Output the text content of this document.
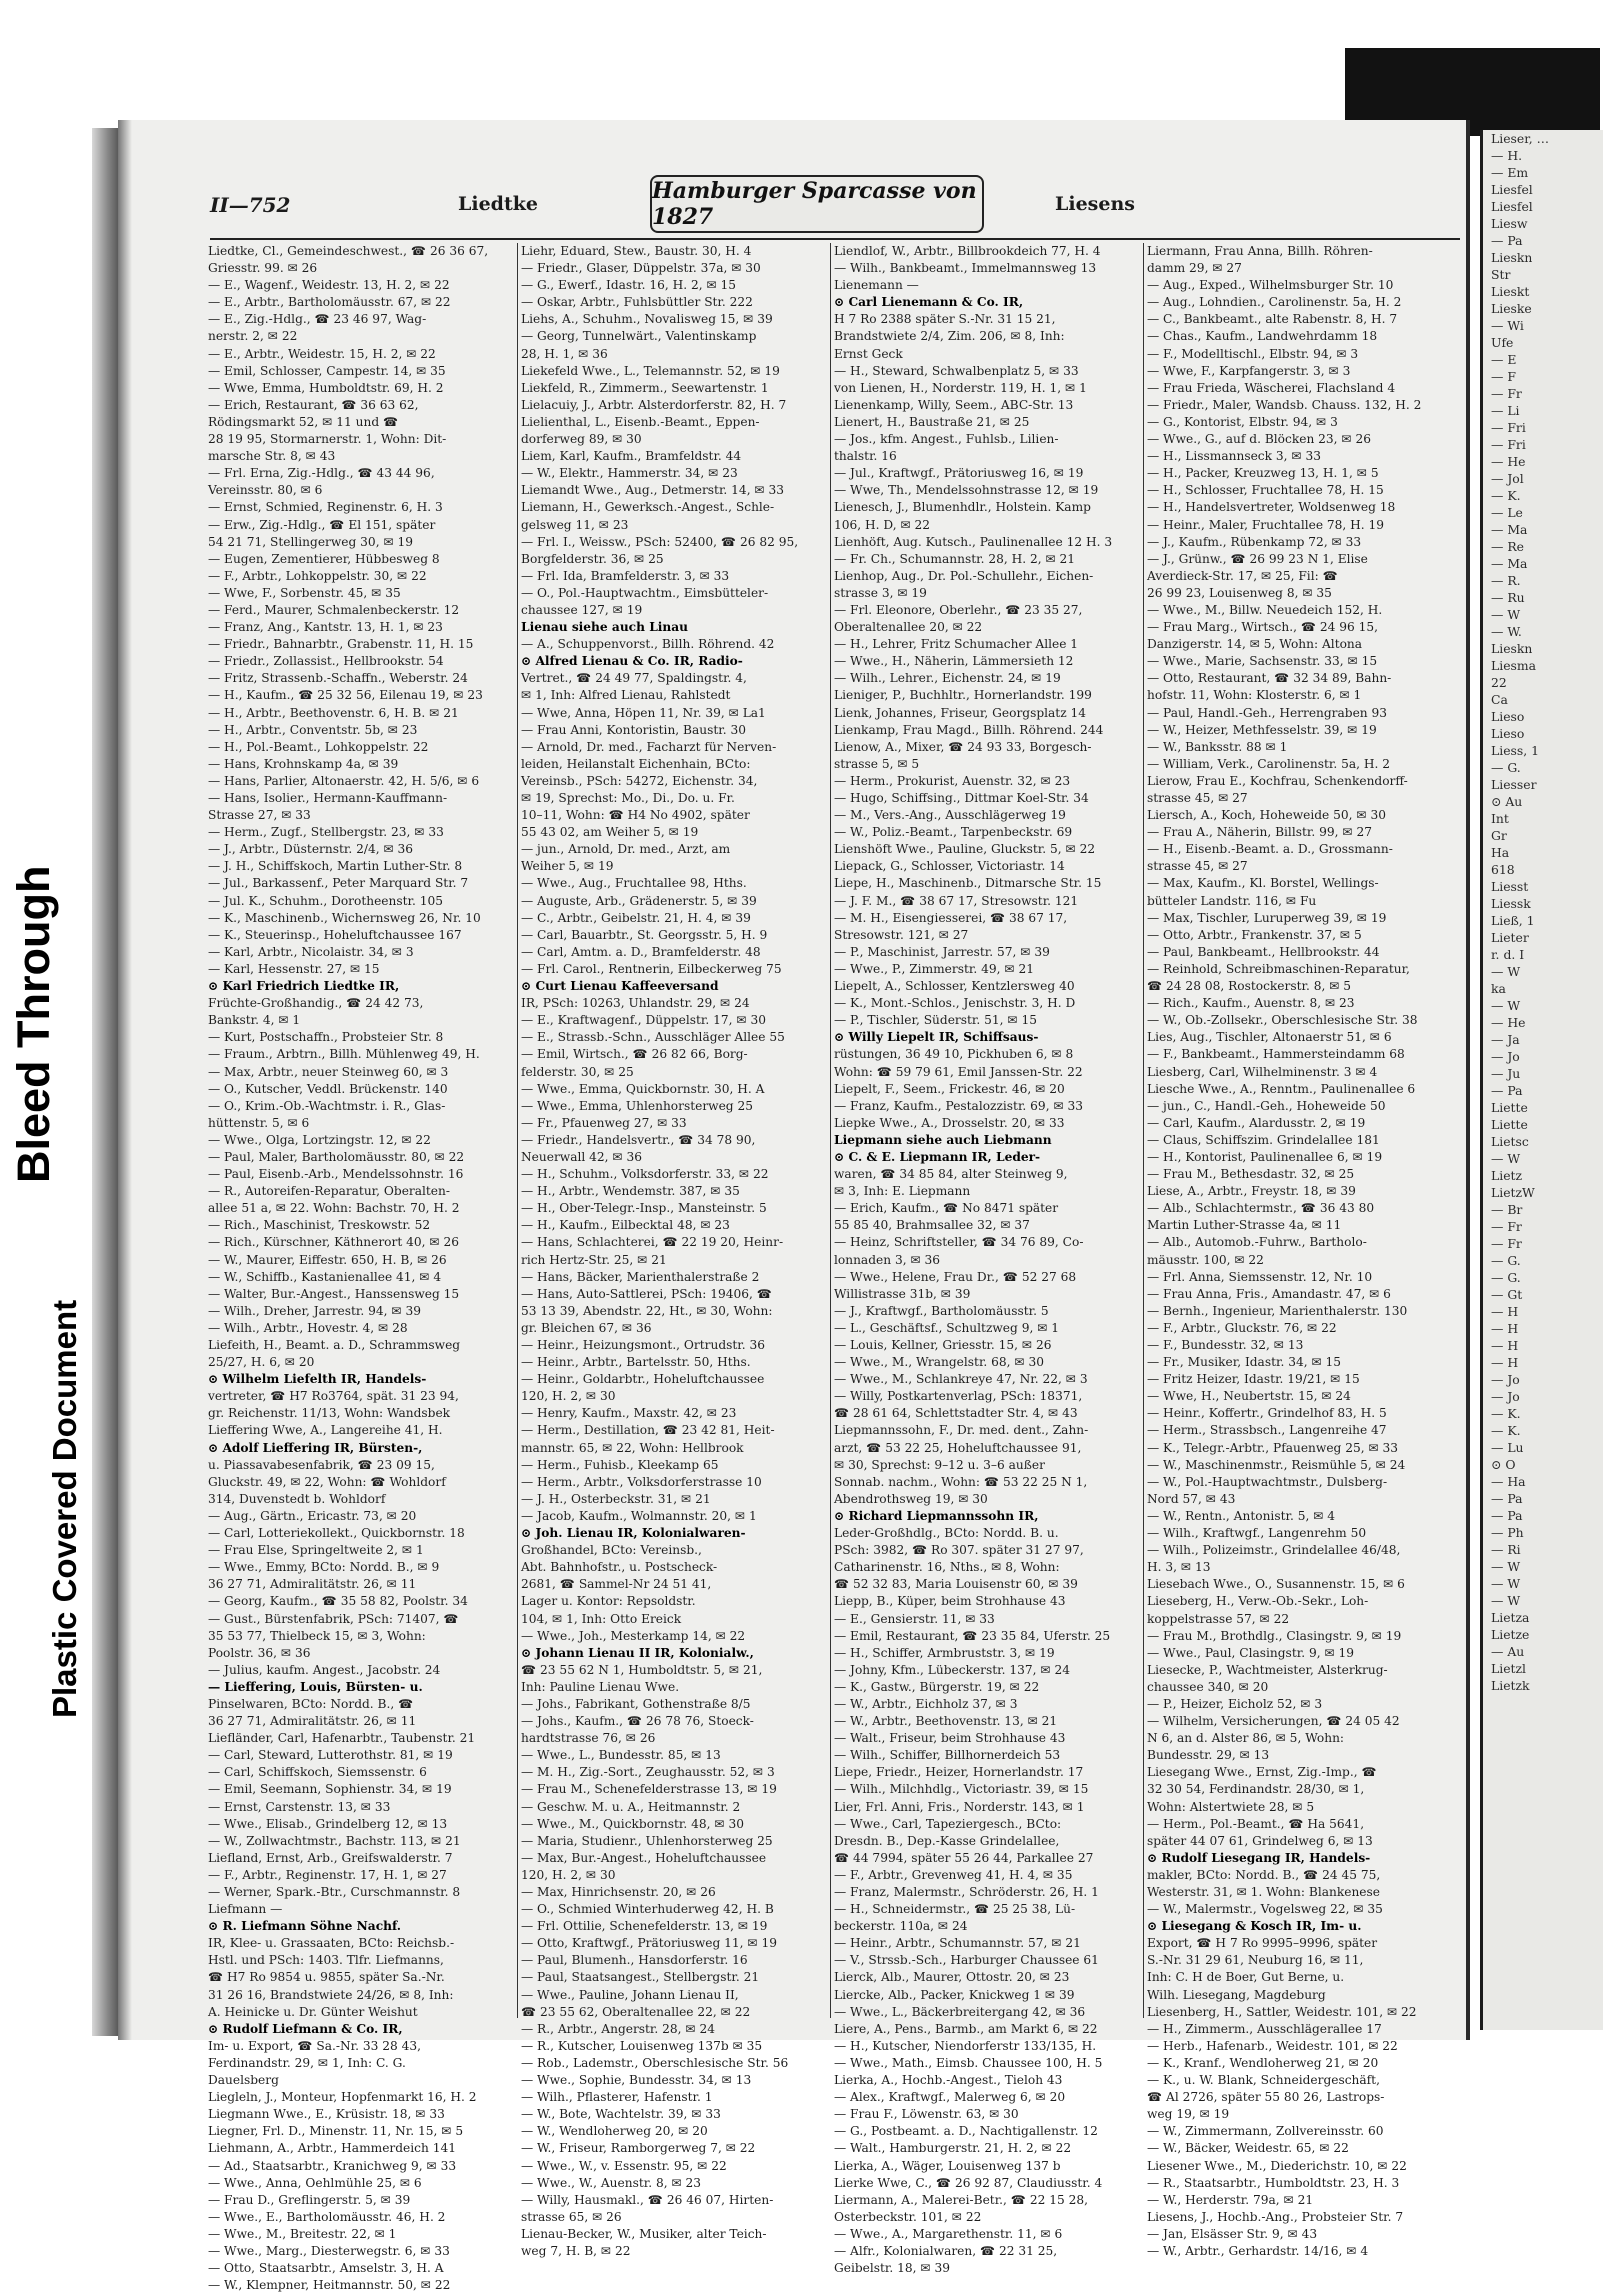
Bleed Through
Plastic Covered Document
Lieser, …
— H.
— Em
Liesfel
Liesfel
Liesw
— Pa
Lieskn
Str
Lieskt
Lieske
— Wi
Ufe
— E
— F
— Fr
— Li
— Fri
— Fri
— He
— Jol
— K.
— Le
— Ma
— Re
— Ma
— R.
— Ru
— W
— W.
Lieskn
Liesma
22
Ca
Lieso
Lieso
Liess, 1
— G.
Liesser
⊙ Au
Int
Gr
Ha
618
Liesst
Liessk
Ließ, 1
Lieter
r. d. I
— W
ka
— W
— He
— Ja
— Jo
— Ju
— Pa
Liette
Liette
Lietsc
— W
Lietz
LietzW
— Br
— Fr
— Fr
— G.
— G.
— Gt
— H
— H
— H
— H
— Jo
— Jo
— K.
— K.
— Lu
⊙ O
— Ha
— Pa
— Pa
— Ph
— Ri
— W
— W
— W
Lietza
Lietze
— Au
Lietzl
Lietzk
II—752	Liedtke	Hamburger Sparcasse von 1827	Liesens
Liedtke, Cl., Gemeindeschwest., ☎ 26 36 67,
Griesstr. 99. ✉ 26
— E., Wagenf., Weidestr. 13, H. 2, ✉ 22
— E., Arbtr., Bartholomäusstr. 67, ✉ 22
— E., Zig.-Hdlg., ☎ 23 46 97, Wag-
nerstr. 2, ✉ 22
— E., Arbtr., Weidestr. 15, H. 2, ✉ 22
— Emil, Schlosser, Campestr. 14, ✉ 35
— Wwe, Emma, Humboldtstr. 69, H. 2
— Erich, Restaurant, ☎ 36 63 62,
Rödingsmarkt 52, ✉ 11 und ☎
28 19 95, Stormarnerstr. 1, Wohn: Dit-
marsche Str. 8, ✉ 43
— Frl. Erna, Zig.-Hdlg., ☎ 43 44 96,
Vereinsstr. 80, ✉ 6
— Ernst, Schmied, Reginenstr. 6, H. 3
— Erw., Zig.-Hdlg., ☎ El 151, später
54 21 71, Stellingerweg 30, ✉ 19
— Eugen, Zementierer, Hübbesweg 8
— F., Arbtr., Lohkoppelstr. 30, ✉ 22
— Wwe, F., Sorbenstr. 45, ✉ 35
— Ferd., Maurer, Schmalenbeckerstr. 12
— Franz, Ang., Kantstr. 13, H. 1, ✉ 23
— Friedr., Bahnarbtr., Grabenstr. 11, H. 15
— Friedr., Zollassist., Hellbrookstr. 54
— Fritz, Strassenb.-Schaffn., Weberstr. 24
— H., Kaufm., ☎ 25 32 56, Eilenau 19, ✉ 23
— H., Arbtr., Beethovenstr. 6, H. B. ✉ 21
— H., Arbtr., Conventstr. 5b, ✉ 23
— H., Pol.-Beamt., Lohkoppelstr. 22
— Hans, Krohnskamp 4a, ✉ 39
— Hans, Parlier, Altonaerstr. 42, H. 5/6, ✉ 6
— Hans, Isolier., Hermann-Kauffmann-
Strasse 27, ✉ 33
— Herm., Zugf., Stellbergstr. 23, ✉ 33
— J., Arbtr., Düsternstr. 2/4, ✉ 36
— J. H., Schiffskoch, Martin Luther-Str. 8
— Jul., Barkassenf., Peter Marquard Str. 7
— Jul. K., Schuhm., Dorotheenstr. 105
— K., Maschinenb., Wichernsweg 26, Nr. 10
— K., Steuerinsp., Hoheluftchaussee 167
— Karl, Arbtr., Nicolaistr. 34, ✉ 3
— Karl, Hessenstr. 27, ✉ 15
⊙ Karl Friedrich Liedtke IR,
Früchte-Großhandig., ☎ 24 42 73,
Bankstr. 4, ✉ 1
— Kurt, Postschaffn., Probsteier Str. 8
— Fraum., Arbtrn., Billh. Mühlenweg 49, H.
— Max, Arbtr., neuer Steinweg 60, ✉ 3
— O., Kutscher, Veddl. Brückenstr. 140
— O., Krim.-Ob.-Wachtmstr. i. R., Glas-
hüttenstr. 5, ✉ 6
— Wwe., Olga, Lortzingstr. 12, ✉ 22
— Paul, Maler, Bartholomäusstr. 80, ✉ 22
— Paul, Eisenb.-Arb., Mendelssohnstr. 16
— R., Autoreifen-Reparatur, Oberalten-
allee 51 a, ✉ 22. Wohn: Bachstr. 70, H. 2
— Rich., Maschinist, Treskowstr. 52
— Rich., Kürschner, Käthnerort 40, ✉ 26
— W., Maurer, Eiffestr. 650, H. B, ✉ 26
— W., Schiffb., Kastanienallee 41, ✉ 4
— Walter, Bur.-Angest., Hanssensweg 15
— Wilh., Dreher, Jarrestr. 94, ✉ 39
— Wilh., Arbtr., Hovestr. 4, ✉ 28
Liefeith, H., Beamt. a. D., Schrammsweg
25/27, H. 6, ✉ 20
⊙ Wilhelm Liefelth IR, Handels-
vertreter, ☎ H7 Ro3764, spät. 31 23 94,
gr. Reichenstr. 11/13, Wohn: Wandsbek
Lieffering Wwe, A., Langereihe 41, H.
⊙ Adolf Lieffering IR, Bürsten-,
u. Piassavabesenfabrik, ☎ 23 09 15,
Gluckstr. 49, ✉ 22, Wohn: ☎ Wohldorf
314, Duvenstedt b. Wohldorf
— Aug., Gärtn., Ericastr. 73, ✉ 20
— Carl, Lotteriekollekt., Quickbornstr. 18
— Frau Else, Springeltweite 2, ✉ 1
— Wwe., Emmy, BCto: Nordd. B., ✉ 9
36 27 71, Admiralitätstr. 26, ✉ 11
— Georg, Kaufm., ☎ 35 58 82, Poolstr. 34
— Gust., Bürstenfabrik, PSch: 71407, ☎
35 53 77, Thielbeck 15, ✉ 3, Wohn:
Poolstr. 36, ✉ 36
— Julius, kaufm. Angest., Jacobstr. 24
— Lieffering, Louis, Bürsten- u.
Pinselwaren, BCto: Nordd. B., ☎
36 27 71, Admiralitätstr. 26, ✉ 11
Liefländer, Carl, Hafenarbtr., Taubenstr. 21
— Carl, Steward, Lutterothstr. 81, ✉ 19
— Carl, Schiffskoch, Siemssenstr. 6
— Emil, Seemann, Sophienstr. 34, ✉ 19
— Ernst, Carstenstr. 13, ✉ 33
— Wwe., Elisab., Grindelberg 12, ✉ 13
— W., Zollwachtmstr., Bachstr. 113, ✉ 21
Liefland, Ernst, Arb., Greifswalderstr. 7
— F., Arbtr., Reginenstr. 17, H. 1, ✉ 27
— Werner, Spark.-Btr., Curschmannstr. 8
Liefmann —
⊙ R. Liefmann Söhne Nachf.
IR, Klee- u. Grassaaten, BCto: Reichsb.-
Hstl. und PSch: 1403. Tlfr. Liefmanns,
☎ H7 Ro 9854 u. 9855, später Sa.-Nr.
31 26 16, Brandstwiete 24/26, ✉ 8, Inh:
A. Heinicke u. Dr. Günter Weishut
⊙ Rudolf Liefmann & Co. IR,
Im- u. Export, ☎ Sa.-Nr. 33 28 43,
Ferdinandstr. 29, ✉ 1, Inh: C. G.
Dauelsberg
Liegleln, J., Monteur, Hopfenmarkt 16, H. 2
Liegmann Wwe., E., Krüsistr. 18, ✉ 33
Liegner, Frl. D., Minenstr. 11, Nr. 15, ✉ 5
Liehmann, A., Arbtr., Hammerdeich 141
— Ad., Staatsarbtr., Kranichweg 9, ✉ 33
— Wwe., Anna, Oehlmühle 25, ✉ 6
— Frau D., Greflingerstr. 5, ✉ 39
— Wwe., E., Bartholomäusstr. 46, H. 2
— Wwe., M., Breitestr. 22, ✉ 1
— Wwe., Marg., Diesterwegstr. 6, ✉ 33
— Otto, Staatsarbtr., Amselstr. 3, H. A
— W., Klempner, Heitmannstr. 50, ✉ 22
Liehr, Eduard, Stew., Baustr. 30, H. 4
— Friedr., Glaser, Düppelstr. 37a, ✉ 30
— G., Ewerf., Idastr. 16, H. 2, ✉ 15
— Oskar, Arbtr., Fuhlsbüttler Str. 222
Liehs, A., Schuhm., Novalisweg 15, ✉ 39
— Georg, Tunnelwärt., Valentinskamp
28, H. 1, ✉ 36
Liekefeld Wwe., L., Telemannstr. 52, ✉ 19
Liekfeld, R., Zimmerm., Seewartenstr. 1
Lielacuiy, J., Arbtr. Alsterdorferstr. 82, H. 7
Lielienthal, L., Eisenb.-Beamt., Eppen-
dorferweg 89, ✉ 30
Liem, Karl, Kaufm., Bramfeldstr. 44
— W., Elektr., Hammerstr. 34, ✉ 23
Liemandt Wwe., Aug., Detmerstr. 14, ✉ 33
Liemann, H., Gewerksch.-Angest., Schle-
gelsweg 11, ✉ 23
— Frl. I., Weissw., PSch: 52400, ☎ 26 82 95,
Borgfelderstr. 36, ✉ 25
— Frl. Ida, Bramfelderstr. 3, ✉ 33
— O., Pol.-Hauptwachtm., Eimsbütteler-
chaussee 127, ✉ 19
Lienau siehe auch Linau
— A., Schuppenvorst., Billh. Röhrend. 42
⊙ Alfred Lienau & Co. IR, Radio-
Vertret., ☎ 24 49 77, Spaldingstr. 4,
✉ 1, Inh: Alfred Lienau, Rahlstedt
— Wwe, Anna, Höpen 11, Nr. 39, ✉ La1
— Frau Anni, Kontoristin, Baustr. 30
— Arnold, Dr. med., Facharzt für Nerven-
leiden, Heilanstalt Eichenhain, BCto:
Vereinsb., PSch: 54272, Eichenstr. 34,
✉ 19, Sprechst: Mo., Di., Do. u. Fr.
10–11, Wohn: ☎ H4 No 4902, später
55 43 02, am Weiher 5, ✉ 19
— jun., Arnold, Dr. med., Arzt, am
Weiher 5, ✉ 19
— Wwe., Aug., Fruchtallee 98, Hths.
— Auguste, Arb., Grädenerstr. 5, ✉ 39
— C., Arbtr., Geibelstr. 21, H. 4, ✉ 39
— Carl, Bauarbtr., St. Georgsstr. 5, H. 9
— Carl, Amtm. a. D., Bramfelderstr. 48
— Frl. Carol., Rentnerin, Eilbeckerweg 75
⊙ Curt Lienau Kaffeeversand
IR, PSch: 10263, Uhlandstr. 29, ✉ 24
— E., Kraftwagenf., Düppelstr. 17, ✉ 30
— E., Strassb.-Schn., Ausschläger Allee 55
— Emil, Wirtsch., ☎ 26 82 66, Borg-
felderstr. 30, ✉ 25
— Wwe., Emma, Quickbornstr. 30, H. A
— Wwe., Emma, Uhlenhorsterweg 25
— Fr., Pfauenweg 27, ✉ 33
— Friedr., Handelsvertr., ☎ 34 78 90,
Neuerwall 42, ✉ 36
— H., Schuhm., Volksdorferstr. 33, ✉ 22
— H., Arbtr., Wendemstr. 387, ✉ 35
— H., Ober-Telegr.-Insp., Mansteinstr. 5
— H., Kaufm., Eilbecktal 48, ✉ 23
— Hans, Schlachterei, ☎ 22 19 20, Heinr-
rich Hertz-Str. 25, ✉ 21
— Hans, Bäcker, Marienthalerstraße 2
— Hans, Auto-Sattlerei, PSch: 19406, ☎
53 13 39, Abendstr. 22, Ht., ✉ 30, Wohn:
gr. Bleichen 67, ✉ 36
— Heinr., Heizungsmont., Ortrudstr. 36
— Heinr., Arbtr., Bartelsstr. 50, Hths.
— Heinr., Goldarbtr., Hoheluftchaussee
120, H. 2, ✉ 30
— Henry, Kaufm., Maxstr. 42, ✉ 23
— Herm., Destillation, ☎ 23 42 81, Heit-
mannstr. 65, ✉ 22, Wohn: Hellbrook
— Herm., Fuhisb., Kleekamp 65
— Herm., Arbtr., Volksdorferstrasse 10
— J. H., Osterbeckstr. 31, ✉ 21
— Jacob, Kaufm., Wolmannstr. 20, ✉ 1
⊙ Joh. Lienau IR, Kolonialwaren-
Großhandel, BCto: Vereinsb.,
Abt. Bahnhofstr., u. Postscheck-
2681, ☎ Sammel-Nr 24 51 41,
Lager u. Kontor: Repsoldstr.
104, ✉ 1, Inh: Otto Ereick
— Wwe., Joh., Mesterkamp 14, ✉ 22
⊙ Johann Lienau II IR, Kolonialw.,
☎ 23 55 62 N 1, Humboldtstr. 5, ✉ 21,
Inh: Pauline Lienau Wwe.
— Johs., Fabrikant, Gothenstraße 8/5
— Johs., Kaufm., ☎ 26 78 76, Stoeck-
hardtstrasse 76, ✉ 26
— Wwe., L., Bundesstr. 85, ✉ 13
— M. H., Zig.-Sort., Zeughausstr. 52, ✉ 3
— Frau M., Schenefelderstrasse 13, ✉ 19
— Geschw. M. u. A., Heitmannstr. 2
— Wwe., M., Quickbornstr. 48, ✉ 30
— Maria, Studienr., Uhlenhorsterweg 25
— Max, Bur.-Angest., Hoheluftchaussee
120, H. 2, ✉ 30
— Max, Hinrichsenstr. 20, ✉ 26
— O., Schmied Winterhuderweg 42, H. B
— Frl. Ottilie, Schenefelderstr. 13, ✉ 19
— Otto, Kraftwgf., Prätoriusweg 11, ✉ 19
— Paul, Blumenh., Hansdorferstr. 16
— Paul, Staatsangest., Stellbergstr. 21
— Wwe., Pauline, Johann Lienau II,
☎ 23 55 62, Oberaltenallee 22, ✉ 22
— R., Arbtr., Angerstr. 28, ✉ 24
— R., Kutscher, Louisenweg 137b ✉ 35
— Rob., Lademstr., Oberschlesische Str. 56
— Wwe., Sophie, Bundesstr. 34, ✉ 13
— Wilh., Pflasterer, Hafenstr. 1
— W., Bote, Wachtelstr. 39, ✉ 33
— W., Wendloherweg 20, ✉ 20
— W., Friseur, Ramborgerweg 7, ✉ 22
— Wwe., W., v. Essenstr. 95, ✉ 22
— Wwe., W., Auenstr. 8, ✉ 23
— Willy, Hausmakl., ☎ 26 46 07, Hirten-
strasse 65, ✉ 26
Lienau-Becker, W., Musiker, alter Teich-
weg 7, H. B, ✉ 22
Liendlof, W., Arbtr., Billbrookdeich 77, H. 4
— Wilh., Bankbeamt., Immelmannsweg 13
Lienemann —
⊙ Carl Lienemann & Co. IR,
H 7 Ro 2388 später S.-Nr. 31 15 21,
Brandstwiete 2/4, Zim. 206, ✉ 8, Inh:
Ernst Geck
— H., Steward, Schwalbenplatz 5, ✉ 33
von Lienen, H., Norderstr. 119, H. 1, ✉ 1
Lienenkamp, Willy, Seem., ABC-Str. 13
Lienert, H., Baustraße 21, ✉ 25
— Jos., kfm. Angest., Fuhlsb., Lilien-
thalstr. 16
— Jul., Kraftwgf., Prätoriusweg 16, ✉ 19
— Wwe, Th., Mendelssohnstrasse 12, ✉ 19
Lienesch, J., Blumenhdlr., Holstein. Kamp
106, H. D, ✉ 22
Lienhöft, Aug. Kutsch., Paulinenallee 12 H. 3
— Fr. Ch., Schumannstr. 28, H. 2, ✉ 21
Lienhop, Aug., Dr. Pol.-Schullehr., Eichen-
strasse 3, ✉ 19
— Frl. Eleonore, Oberlehr., ☎ 23 35 27,
Oberaltenallee 20, ✉ 22
— H., Lehrer, Fritz Schumacher Allee 1
— Wwe., H., Näherin, Lämmersieth 12
— Wilh., Lehrer., Eichenstr. 24, ✉ 19
Lieniger, P., Buchhltr., Hornerlandstr. 199
Lienk, Johannes, Friseur, Georgsplatz 14
Lienkamp, Frau Magd., Billh. Röhrend. 244
Lienow, A., Mixer, ☎ 24 93 33, Borgesch-
strasse 5, ✉ 5
— Herm., Prokurist, Auenstr. 32, ✉ 23
— Hugo, Schiffsing., Dittmar Koel-Str. 34
— M., Vers.-Ang., Ausschlägerweg 19
— W., Poliz.-Beamt., Tarpenbeckstr. 69
Lienshöft Wwe., Pauline, Gluckstr. 5, ✉ 22
Liepack, G., Schlosser, Victoriastr. 14
Liepe, H., Maschinenb., Ditmarsche Str. 15
— J. F. M., ☎ 38 67 17, Stresowstr. 121
— M. H., Eisengiesserei, ☎ 38 67 17,
Stresowstr. 121, ✉ 27
— P., Maschinist, Jarrestr. 57, ✉ 39
— Wwe., P., Zimmerstr. 49, ✉ 21
Liepelt, A., Schlosser, Kentzlersweg 40
— K., Mont.-Schlos., Jenischstr. 3, H. D
— P., Tischler, Süderstr. 51, ✉ 15
⊙ Willy Liepelt IR, Schiffsaus-
rüstungen, 36 49 10, Pickhuben 6, ✉ 8
Wohn: ☎ 59 79 61, Emil Janssen-Str. 22
Liepelt, F., Seem., Frickestr. 46, ✉ 20
— Franz, Kaufm., Pestalozzistr. 69, ✉ 33
Liepke Wwe., A., Drosselstr. 20, ✉ 33
Liepmann siehe auch Liebmann
⊙ C. & E. Liepmann IR, Leder-
waren, ☎ 34 85 84, alter Steinweg 9,
✉ 3, Inh: E. Liepmann
— Erich, Kaufm., ☎ No 8471 später
55 85 40, Brahmsallee 32, ✉ 37
— Heinz, Schriftsteller, ☎ 34 76 89, Co-
lonnaden 3, ✉ 36
— Wwe., Helene, Frau Dr., ☎ 52 27 68
Willistrasse 31b, ✉ 39
— J., Kraftwgf., Bartholomäusstr. 5
— L., Geschäftsf., Schultzweg 9, ✉ 1
— Louis, Kellner, Griesstr. 15, ✉ 26
— Wwe., M., Wrangelstr. 68, ✉ 30
— Wwe., M., Schlankreye 47, Nr. 22, ✉ 3
— Willy, Postkartenverlag, PSch: 18371,
☎ 28 61 64, Schlettstadter Str. 4, ✉ 43
Liepmannssohn, F., Dr. med. dent., Zahn-
arzt, ☎ 53 22 25, Hoheluftchaussee 91,
✉ 30, Sprechst: 9–12 u. 3–6 außer
Sonnab. nachm., Wohn: ☎ 53 22 25 N 1,
Abendrothsweg 19, ✉ 30
⊙ Richard Liepmannssohn IR,
Leder-Großhdlg., BCto: Nordd. B. u.
PSch: 3982, ☎ Ro 307. später 31 27 97,
Catharinenstr. 16, Nths., ✉ 8, Wohn:
☎ 52 32 83, Maria Louisenstr 60, ✉ 39
Liepp, B., Küper, beim Strohhause 43
— E., Gensierstr. 11, ✉ 33
— Emil, Restaurant, ☎ 23 35 84, Uferstr. 25
— H., Schiffer, Armbruststr. 3, ✉ 19
— Johny, Kfm., Lübeckerstr. 137, ✉ 24
— K., Gastw., Bürgerstr. 19, ✉ 22
— W., Arbtr., Eichholz 37, ✉ 3
— W., Arbtr., Beethovenstr. 13, ✉ 21
— Walt., Friseur, beim Strohhause 43
— Wilh., Schiffer, Billhornerdeich 53
Liepe, Friedr., Heizer, Hornerlandstr. 17
— Wilh., Milchhdlg., Victoriastr. 39, ✉ 15
Lier, Frl. Anni, Fris., Norderstr. 143, ✉ 1
— Wwe., Carl, Tapeziergesch., BCto:
Dresdn. B., Dep.-Kasse Grindelallee,
☎ 44 7994, später 55 26 44, Parkallee 27
— F., Arbtr., Grevenweg 41, H. 4, ✉ 35
— Franz, Malermstr., Schröderstr. 26, H. 1
— H., Schneidermstr., ☎ 25 25 38, Lü-
beckerstr. 110a, ✉ 24
— Heinr., Arbtr., Schumannstr. 57, ✉ 21
— V., Strssb.-Sch., Harburger Chaussee 61
Lierck, Alb., Maurer, Ottostr. 20, ✉ 23
Liercke, Alb., Packer, Knickweg 1 ✉ 39
— Wwe., L., Bäckerbreitergang 42, ✉ 36
Liere, A., Pens., Barmb., am Markt 6, ✉ 22
— H., Kutscher, Niendorferstr 133/135, H.
— Wwe., Math., Eimsb. Chaussee 100, H. 5
Lierka, A., Hochb.-Angest., Tieloh 43
— Alex., Kraftwgf., Malerweg 6, ✉ 20
— Frau F., Löwenstr. 63, ✉ 30
— G., Postbeamt. a. D., Nachtigallenstr. 12
— Walt., Hamburgerstr. 21, H. 2, ✉ 22
Lierka, A., Wäger, Louisenweg 137 b
Lierke Wwe, C., ☎ 26 92 87, Claudiusstr. 4
Liermann, A., Malerei-Betr., ☎ 22 15 28,
Osterbeckstr. 101, ✉ 22
— Wwe., A., Margarethenstr. 11, ✉ 6
— Alfr., Kolonialwaren, ☎ 22 31 25,
Geibelstr. 18, ✉ 39
Liermann, Frau Anna, Billh. Röhren-
damm 29, ✉ 27
— Aug., Exped., Wilhelmsburger Str. 10
— Aug., Lohndien., Carolinenstr. 5a, H. 2
— C., Bankbeamt., alte Rabenstr. 8, H. 7
— Chas., Kaufm., Landwehrdamm 18
— F., Modelltischl., Elbstr. 94, ✉ 3
— Wwe, F., Karpfangerstr. 3, ✉ 3
— Frau Frieda, Wäscherei, Flachsland 4
— Friedr., Maler, Wandsb. Chauss. 132, H. 2
— G., Kontorist, Elbstr. 94, ✉ 3
— Wwe., G., auf d. Blöcken 23, ✉ 26
— H., Lissmannseck 3, ✉ 33
— H., Packer, Kreuzweg 13, H. 1, ✉ 5
— H., Schlosser, Fruchtallee 78, H. 15
— H., Handelsvertreter, Woldsenweg 18
— Heinr., Maler, Fruchtallee 78, H. 19
— J., Kaufm., Rübenkamp 72, ✉ 33
— J., Grünw., ☎ 26 99 23 N 1, Elise
Averdieck-Str. 17, ✉ 25, Fil: ☎
26 99 23, Louisenweg 8, ✉ 35
— Wwe., M., Billw. Neuedeich 152, H.
— Frau Marg., Wirtsch., ☎ 24 96 15,
Danzigerstr. 14, ✉ 5, Wohn: Altona
— Wwe., Marie, Sachsenstr. 33, ✉ 15
— Otto, Restaurant, ☎ 32 34 89, Bahn-
hofstr. 11, Wohn: Klosterstr. 6, ✉ 1
— Paul, Handl.-Geh., Herrengraben 93
— W., Heizer, Methfesselstr. 39, ✉ 19
— W., Banksstr. 88 ✉ 1
— William, Verk., Carolinenstr. 5a, H. 2
Lierow, Frau E., Kochfrau, Schenkendorff-
strasse 45, ✉ 27
Liersch, A., Koch, Hoheweide 50, ✉ 30
— Frau A., Näherin, Billstr. 99, ✉ 27
— H., Eisenb.-Beamt. a. D., Grossmann-
strasse 45, ✉ 27
— Max, Kaufm., Kl. Borstel, Wellings-
bütteler Landstr. 116, ✉ Fu
— Max, Tischler, Luruperweg 39, ✉ 19
— Otto, Arbtr., Frankenstr. 37, ✉ 5
— Paul, Bankbeamt., Hellbrookstr. 44
— Reinhold, Schreibmaschinen-Reparatur,
☎ 24 28 08, Rostockerstr. 8, ✉ 5
— Rich., Kaufm., Auenstr. 8, ✉ 23
— W., Ob.-Zollsekr., Oberschlesische Str. 38
Lies, Aug., Tischler, Altonaerstr 51, ✉ 6
— F., Bankbeamt., Hammersteindamm 68
Liesberg, Carl, Wilhelminenstr. 3 ✉ 4
Liesche Wwe., A., Renntm., Paulinenallee 6
— jun., C., Handl.-Geh., Hoheweide 50
— Carl, Kaufm., Alardusstr. 2, ✉ 19
— Claus, Schiffszim. Grindelallee 181
— H., Kontorist, Paulinenallee 6, ✉ 19
— Frau M., Bethesdastr. 32, ✉ 25
Liese, A., Arbtr., Freystr. 18, ✉ 39
— Alb., Schlachtermstr., ☎ 36 43 80
Martin Luther-Strasse 4a, ✉ 11
— Alb., Automob.-Fuhrw., Bartholo-
mäusstr. 100, ✉ 22
— Frl. Anna, Siemssenstr. 12, Nr. 10
— Frau Anna, Fris., Amandastr. 47, ✉ 6
— Bernh., Ingenieur, Marienthalerstr. 130
— F., Arbtr., Gluckstr. 76, ✉ 22
— F., Bundesstr. 32, ✉ 13
— Fr., Musiker, Idastr. 34, ✉ 15
— Fritz Heizer, Idastr. 19/21, ✉ 15
— Wwe, H., Neubertstr. 15, ✉ 24
— Heinr., Koffertr., Grindelhof 83, H. 5
— Herm., Strassbsch., Langenreihe 47
— K., Telegr.-Arbtr., Pfauenweg 25, ✉ 33
— W., Maschinenmstr., Reismühle 5, ✉ 24
— W., Pol.-Hauptwachtmstr., Dulsberg-
Nord 57, ✉ 43
— W., Rentn., Antonistr. 5, ✉ 4
— Wilh., Kraftwgf., Langenrehm 50
— Wilh., Polizeimstr., Grindelallee 46/48,
H. 3, ✉ 13
Liesebach Wwe., O., Susannenstr. 15, ✉ 6
Lieseberg, H., Verw.-Ob.-Sekr., Loh-
koppelstrasse 57, ✉ 22
— Frau M., Brothdlg., Clasingstr. 9, ✉ 19
— Wwe., Paul, Clasingstr. 9, ✉ 19
Liesecke, P., Wachtmeister, Alsterkrug-
chaussee 340, ✉ 20
— P., Heizer, Eicholz 52, ✉ 3
— Wilhelm, Versicherungen, ☎ 24 05 42
N 6, an d. Alster 86, ✉ 5, Wohn:
Bundesstr. 29, ✉ 13
Liesegang Wwe., Ernst, Zig.-Imp., ☎
32 30 54, Ferdinandstr. 28/30, ✉ 1,
Wohn: Alstertwiete 28, ✉ 5
— Herm., Pol.-Beamt., ☎ Ha 5641,
später 44 07 61, Grindelweg 6, ✉ 13
⊙ Rudolf Liesegang IR, Handels-
makler, BCto: Nordd. B., ☎ 24 45 75,
Westerstr. 31, ✉ 1. Wohn: Blankenese
— W., Malermstr., Vogelsweg 22, ✉ 35
⊙ Liesegang & Kosch IR, Im- u.
Export, ☎ H 7 Ro 9995–9996, später
S.-Nr. 31 29 61, Neuburg 16, ✉ 11,
Inh: C. H de Boer, Gut Berne, u.
Wilh. Liesegang, Magdeburg
Liesenberg, H., Sattler, Weidestr. 101, ✉ 22
— H., Zimmerm., Ausschlägerallee 17
— Herb., Hafenarb., Weidestr. 101, ✉ 22
— K., Kranf., Wendloherweg 21, ✉ 20
— K., u. W. Blank, Schneidergeschäft,
☎ Al 2726, später 55 80 26, Lastrops-
weg 19, ✉ 19
— W., Zimmermann, Zollvereinsstr. 60
— W., Bäcker, Weidestr. 65, ✉ 22
Liesener Wwe., M., Diederichstr. 10, ✉ 22
— R., Staatsarbtr., Humboldtstr. 23, H. 3
— W., Herderstr. 79a, ✉ 21
Liesens, J., Hochb.-Ang., Probsteier Str. 7
— Jan, Elsässer Str. 9, ✉ 43
— W., Arbtr., Gerhardstr. 14/16, ✉ 4
